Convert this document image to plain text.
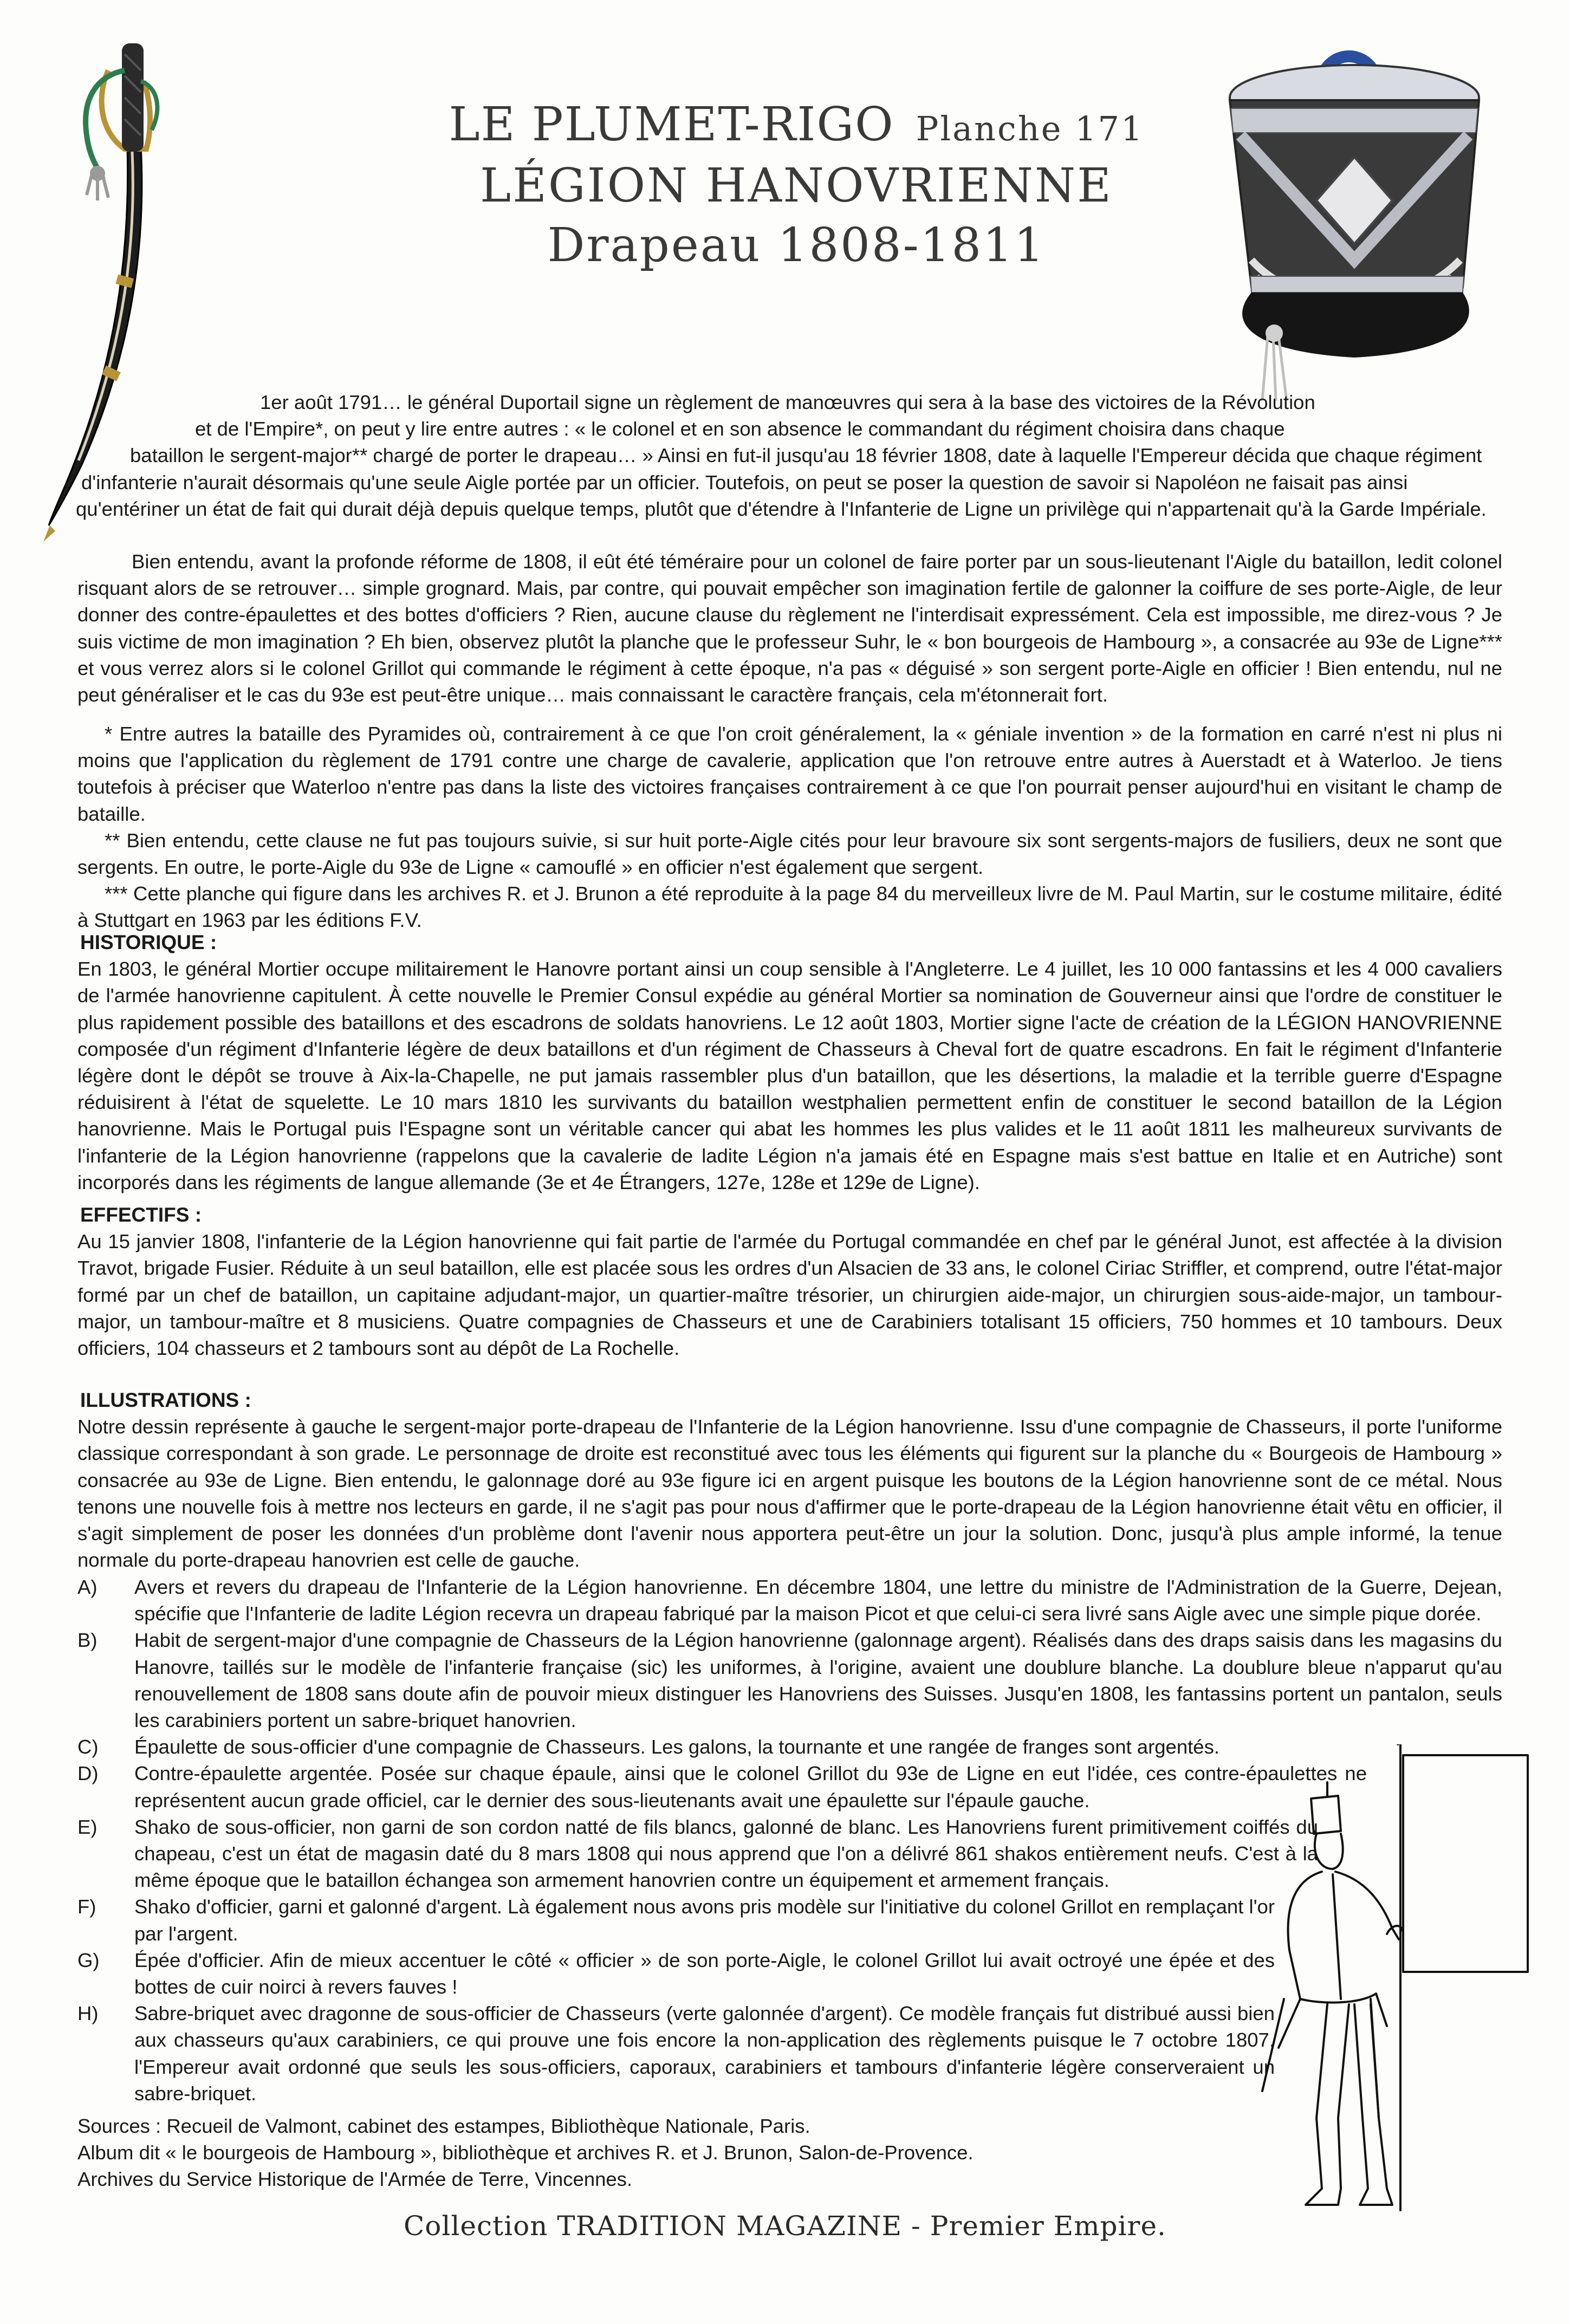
LE PLUMET-RIGO Planche 171
LÉGION HANOVRIENNE
Drapeau 1808-1811
1er août 1791… le général Duportail signe un règlement de manœuvres qui sera à la base des victoires de la Révolution
et de l'Empire*, on peut y lire entre autres : « le colonel et en son absence le commandant du régiment choisira dans chaque
bataillon le sergent-major** chargé de porter le drapeau… » Ainsi en fut-il jusqu'au 18 février 1808, date à laquelle l'Empereur décida que chaque régiment
d'infanterie n'aurait désormais qu'une seule Aigle portée par un officier. Toutefois, on peut se poser la question de savoir si Napoléon ne faisait pas ainsi
qu'entériner un état de fait qui durait déjà depuis quelque temps, plutôt que d'étendre à l'Infanterie de Ligne un privilège qui n'appartenait qu'à la Garde Impériale.

Bien entendu, avant la profonde réforme de 1808, il eût été téméraire pour un colonel de faire porter par un sous-lieutenant l'Aigle du bataillon, ledit colonel risquant alors de se retrouver… simple grognard. Mais, par contre, qui pouvait empêcher son imagination fertile de galonner la coiffure de ses porte-Aigle, de leur donner des contre-épaulettes et des bottes d'officiers ? Rien, aucune clause du règlement ne l'interdisait expressément. Cela est impossible, me direz-vous ? Je suis victime de mon imagination ? Eh bien, observez plutôt la planche que le professeur Suhr, le « bon bourgeois de Hambourg », a consacrée au 93e de Ligne*** et vous verrez alors si le colonel Grillot qui commande le régiment à cette époque, n'a pas « déguisé » son sergent porte-Aigle en officier ! Bien entendu, nul ne peut généraliser et le cas du 93e est peut-être unique… mais connaissant le caractère français, cela m'étonnerait fort.

* Entre autres la bataille des Pyramides où, contrairement à ce que l'on croit généralement, la « géniale invention » de la formation en carré n'est ni plus ni moins que l'application du règlement de 1791 contre une charge de cavalerie, application que l'on retrouve entre autres à Auerstadt et à Waterloo. Je tiens toutefois à préciser que Waterloo n'entre pas dans la liste des victoires françaises contrairement à ce que l'on pourrait penser aujourd'hui en visitant le champ de bataille.

** Bien entendu, cette clause ne fut pas toujours suivie, si sur huit porte-Aigle cités pour leur bravoure six sont sergents-majors de fusiliers, deux ne sont que sergents. En outre, le porte-Aigle du 93e de Ligne « camouflé » en officier n'est également que sergent.

*** Cette planche qui figure dans les archives R. et J. Brunon a été reproduite à la page 84 du merveilleux livre de M. Paul Martin, sur le costume militaire, édité à Stuttgart en 1963 par les éditions F.V.

HISTORIQUE :

En 1803, le général Mortier occupe militairement le Hanovre portant ainsi un coup sensible à l'Angleterre. Le 4 juillet, les 10 000 fantassins et les 4 000 cavaliers de l'armée hanovrienne capitulent. À cette nouvelle le Premier Consul expédie au général Mortier sa nomination de Gouverneur ainsi que l'ordre de constituer le plus rapidement possible des bataillons et des escadrons de soldats hanovriens. Le 12 août 1803, Mortier signe l'acte de création de la LÉGION HANOVRIENNE composée d'un régiment d'Infanterie légère de deux bataillons et d'un régiment de Chasseurs à Cheval fort de quatre escadrons. En fait le régiment d'Infanterie légère dont le dépôt se trouve à Aix-la-Chapelle, ne put jamais rassembler plus d'un bataillon, que les désertions, la maladie et la terrible guerre d'Espagne réduisirent à l'état de squelette. Le 10 mars 1810 les survivants du bataillon westphalien permettent enfin de constituer le second bataillon de la Légion hanovrienne. Mais le Portugal puis l'Espagne sont un véritable cancer qui abat les hommes les plus valides et le 11 août 1811 les malheureux survivants de l'infanterie de la Légion hanovrienne (rappelons que la cavalerie de ladite Légion n'a jamais été en Espagne mais s'est battue en Italie et en Autriche) sont incorporés dans les régiments de langue allemande (3e et 4e Étrangers, 127e, 128e et 129e de Ligne).

EFFECTIFS :

Au 15 janvier 1808, l'infanterie de la Légion hanovrienne qui fait partie de l'armée du Portugal commandée en chef par le général Junot, est affectée à la division Travot, brigade Fusier. Réduite à un seul bataillon, elle est placée sous les ordres d'un Alsacien de 33 ans, le colonel Ciriac Striffler, et comprend, outre l'état-major formé par un chef de bataillon, un capitaine adjudant-major, un quartier-maître trésorier, un chirurgien aide-major, un chirurgien sous-aide-major, un tambour-major, un tambour-maître et 8 musiciens. Quatre compagnies de Chasseurs et une de Carabiniers totalisant 15 officiers, 750 hommes et 10 tambours. Deux officiers, 104 chasseurs et 2 tambours sont au dépôt de La Rochelle.

ILLUSTRATIONS :

Notre dessin représente à gauche le sergent-major porte-drapeau de l'Infanterie de la Légion hanovrienne. Issu d'une compagnie de Chasseurs, il porte l'uniforme classique correspondant à son grade. Le personnage de droite est reconstitué avec tous les éléments qui figurent sur la planche du « Bourgeois de Hambourg » consacrée au 93e de Ligne. Bien entendu, le galonnage doré au 93e figure ici en argent puisque les boutons de la Légion hanovrienne sont de ce métal. Nous tenons une nouvelle fois à mettre nos lecteurs en garde, il ne s'agit pas pour nous d'affirmer que le porte-drapeau de la Légion hanovrienne était vêtu en officier, il s'agit simplement de poser les données d'un problème dont l'avenir nous apportera peut-être un jour la solution. Donc, jusqu'à plus ample informé, la tenue normale du porte-drapeau hanovrien est celle de gauche.

A)	Avers et revers du drapeau de l'Infanterie de la Légion hanovrienne. En décembre 1804, une lettre du ministre de l'Administration de la Guerre, Dejean, spécifie que l'Infanterie de ladite Légion recevra un drapeau fabriqué par la maison Picot et que celui-ci sera livré sans Aigle avec une simple pique dorée.
B)	Habit de sergent-major d'une compagnie de Chasseurs de la Légion hanovrienne (galonnage argent). Réalisés dans des draps saisis dans les magasins du Hanovre, taillés sur le modèle de l'infanterie française (sic) les uniformes, à l'origine, avaient une doublure blanche. La doublure bleue n'apparut qu'au renouvellement de 1808 sans doute afin de pouvoir mieux distinguer les Hanovriens des Suisses. Jusqu'en 1808, les fantassins portent un pantalon, seuls les carabiniers portent un sabre-briquet hanovrien.
C)	Épaulette de sous-officier d'une compagnie de Chasseurs. Les galons, la tournante et une rangée de franges sont argentés.
D)	Contre-épaulette argentée. Posée sur chaque épaule, ainsi que le colonel Grillot du 93e de Ligne en eut l'idée, ces contre-épaulettes ne représentent aucun grade officiel, car le dernier des sous-lieutenants avait une épaulette sur l'épaule gauche.
E)	Shako de sous-officier, non garni de son cordon natté de fils blancs, galonné de blanc. Les Hanovriens furent primitivement coiffés du chapeau, c'est un état de magasin daté du 8 mars 1808 qui nous apprend que l'on a délivré 861 shakos entièrement neufs. C'est à la même époque que le bataillon échangea son armement hanovrien contre un équipement et armement français.
F)	Shako d'officier, garni et galonné d'argent. Là également nous avons pris modèle sur l'initiative du colonel Grillot en remplaçant l'or par l'argent.
G)	Épée d'officier. Afin de mieux accentuer le côté « officier » de son porte-Aigle, le colonel Grillot lui avait octroyé une épée et des bottes de cuir noirci à revers fauves !
H)	Sabre-briquet avec dragonne de sous-officier de Chasseurs (verte galonnée d'argent). Ce modèle français fut distribué aussi bien aux chasseurs qu'aux carabiniers, ce qui prouve une fois encore la non-application des règlements puisque le 7 octobre 1807, l'Empereur avait ordonné que seuls les sous-officiers, caporaux, carabiniers et tambours d'infanterie légère conserveraient un sabre-briquet.
Sources : Recueil de Valmont, cabinet des estampes, Bibliothèque Nationale, Paris.
Album dit « le bourgeois de Hambourg », bibliothèque et archives R. et J. Brunon, Salon-de-Provence.
Archives du Service Historique de l'Armée de Terre, Vincennes.
Collection TRADITION MAGAZINE - Premier Empire.
